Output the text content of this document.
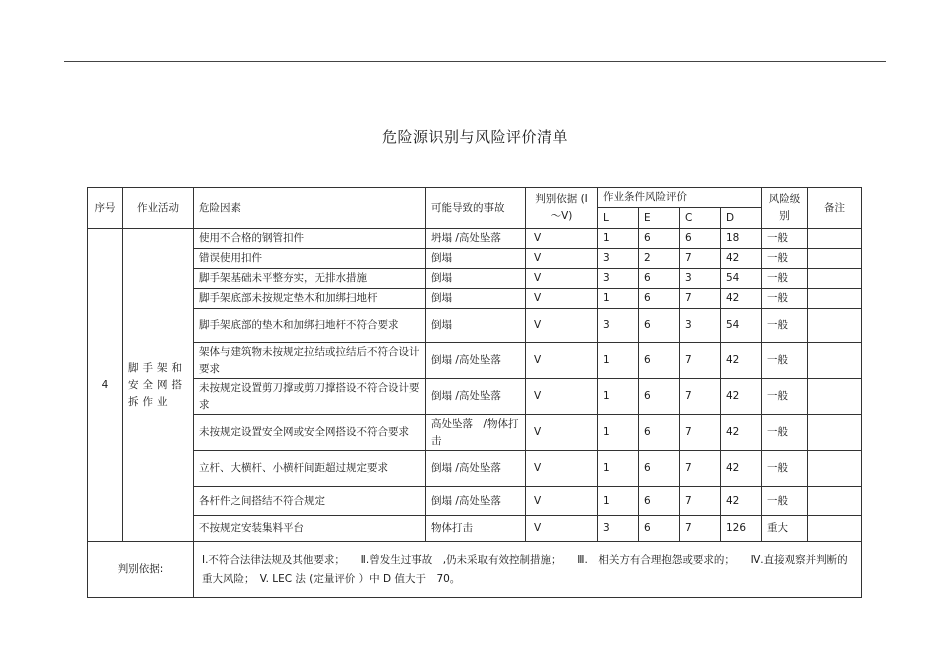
危险源识别与风险评价清单
序号	作业活动	危险因素	可能导致的事故	判别依据 (I～V)	作业条件风险评价				风险级别	备注
					L	E	C	D		
4	脚手架和安全网搭拆作业	使用不合格的钢管扣件	坍塌 /高处坠落	V	1	6	6	18	一般	
		错误使用扣件	倒塌	V	3	2	7	42	一般	
		脚手架基础未平整夯实，无排水措施	倒塌	V	3	6	3	54	一般	
		脚手架底部未按规定垫木和加绑扫地杆	倒塌	V	1	6	7	42	一般	
		脚手架底部的垫木和加绑扫地杆不符合要求	倒塌	V	3	6	3	54	一般	
		架体与建筑物未按规定拉结或拉结后不符合设计要求	倒塌 /高处坠落	V	1	6	7	42	一般	
		未按规定设置剪刀撑或剪刀撑搭设不符合设计要求	倒塌 /高处坠落	V	1	6	7	42	一般	
		未按规定设置安全网或安全网搭设不符合要求	高处坠落　/物体打击	V	1	6	7	42	一般	
		立杆、大横杆、小横杆间距超过规定要求	倒塌 /高处坠落	V	1	6	7	42	一般	
		各杆件之间搭结不符合规定	倒塌 /高处坠落	V	1	6	7	42	一般	
		不按规定安装集料平台	物体打击	V	3	6	7	126	重大	
判别依据:		Ⅰ.不符合法律法规及其他要求；　　Ⅱ.曾发生过事故　,仍未采取有效控制措施；　　Ⅲ.　相关方有合理抱怨或要求的；　　Ⅳ.直接观察并判断的重大风险；　V. LEC 法 (定量评价 ）中 D 值大于　70。								
